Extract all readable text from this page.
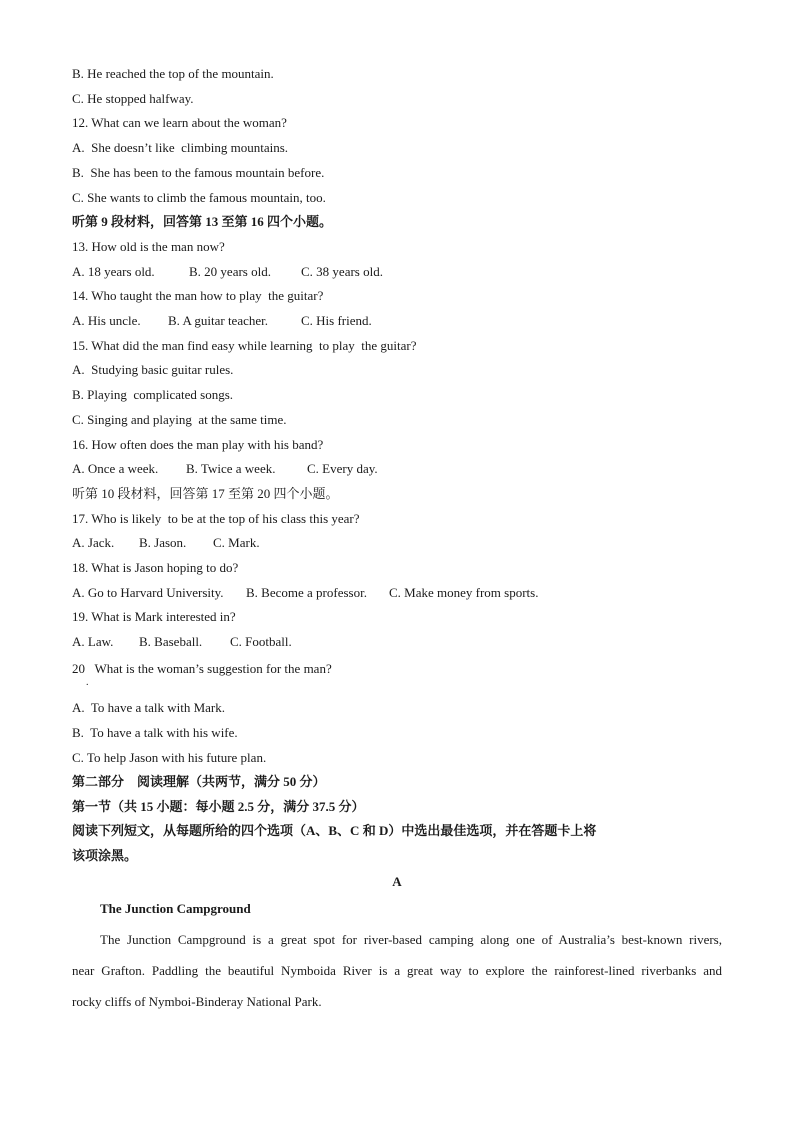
B. He reached the top of the mountain.
C. He stopped halfway.
12. What can we learn about the woman?
A.  She doesn’t like  climbing mountains.
B.  She has been to the famous mountain before.
C. She wants to climb the famous mountain, too.
听第 9 段材料，回答第 13 至第 16 四个小题。
13. How old is the man now?
A. 18 years old.	B. 20 years old. C. 38 years old.
14. Who taught the man how to play  the guitar?
A. His uncle. B. A guitar teacher.	C. His friend.
15. What did the man find easy while learning  to play  the guitar?
A.  Studying basic guitar rules.
B. Playing  complicated songs.
C. Singing and playing  at the same time.
16. How often does the man play with his band?
A. Once a week. B. Twice a week. C. Every day.
听第 10 段材料，回答第 17 至第 20 四个小题。
17. Who is likely  to be at the top of his class this year?
A. Jack. B. Jason. C. Mark.
18. What is Jason hoping to do?
A. Go to Harvard University. B. Become a professor. C. Make money from sports.
19. What is Mark interested in?
A. Law. B. Baseball. C. Football.
20   What is the woman’s suggestion for the man?
.
A.  To have a talk with Mark.
B.  To have a talk with his wife.
C. To help Jason with his future plan.
第二部分    阅读理解（共两节，满分 50 分）
第一节（共 15 小题：每小题 2.5 分，满分 37.5 分）
阅读下列短文，从每题所给的四个选项（A、B、C 和 D）中选出最佳选项，并在答题卡上将
该项涂黑。
A
The Junction Campground
The Junction Campground is a great spot for river-based camping along one of Australia’s best-known rivers,
near Grafton. Paddling the beautiful Nymboida River is a great way to explore the rainforest-lined riverbanks and
rocky cliffs of Nymboi-Binderay National Park.
